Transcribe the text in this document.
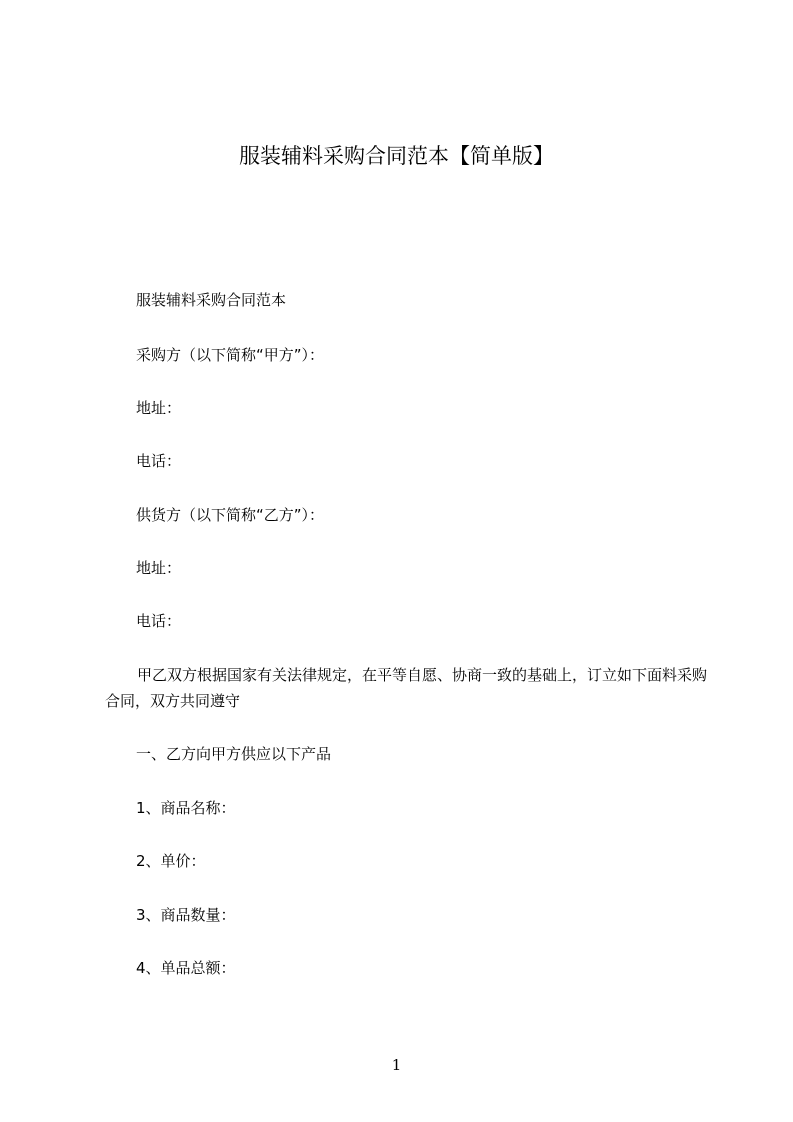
服装辅料采购合同范本【简单版】
服装辅料采购合同范本
采购方（以下简称“甲方”）：
地址：
电话：
供货方（以下简称“乙方”）：
地址：
电话：
甲乙双方根据国家有关法律规定，在平等自愿、协商一致的基础上，订立如下面料采购合同，双方共同遵守
一、乙方向甲方供应以下产品
1、商品名称：
2、单价：
3、商品数量：
4、单品总额：
1
